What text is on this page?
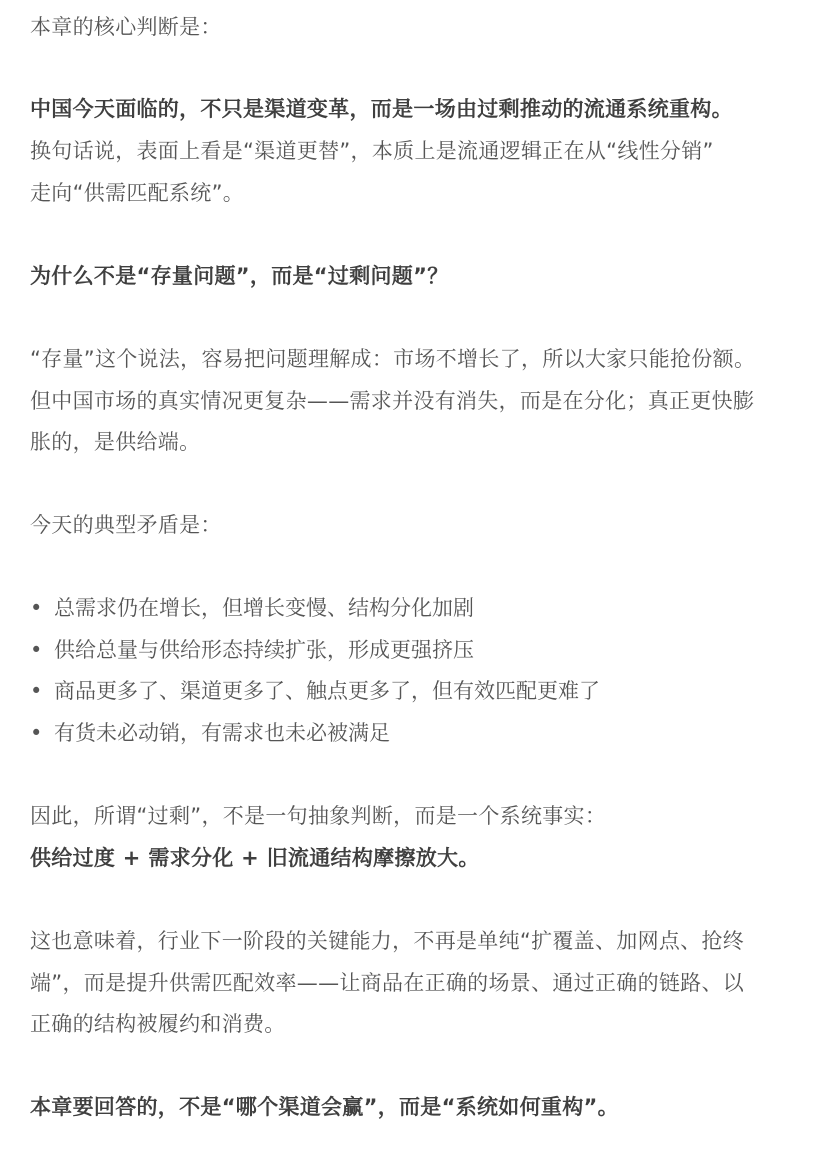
本章的核心判断是：
中国今天面临的，不只是渠道变革，而是一场由过剩推动的流通系统重构。
换句话说，表面上看是“渠道更替”，本质上是流通逻辑正在从“线性分销”
走向“供需匹配系统”。
为什么不是“存量问题”，而是“过剩问题”？
“存量”这个说法，容易把问题理解成：市场不增长了，所以大家只能抢份额。
但中国市场的真实情况更复杂——需求并没有消失，而是在分化；真正更快膨
胀的，是供给端。
今天的典型矛盾是：
• 总需求仍在增长，但增长变慢、结构分化加剧
• 供给总量与供给形态持续扩张，形成更强挤压
• 商品更多了、渠道更多了、触点更多了，但有效匹配更难了
• 有货未必动销，有需求也未必被满足
因此，所谓“过剩”，不是一句抽象判断，而是一个系统事实：
供给过度 + 需求分化 + 旧流通结构摩擦放大。
这也意味着，行业下一阶段的关键能力，不再是单纯“扩覆盖、加网点、抢终
端”，而是提升供需匹配效率——让商品在正确的场景、通过正确的链路、以
正确的结构被履约和消费。
本章要回答的，不是“哪个渠道会赢”，而是“系统如何重构”。
